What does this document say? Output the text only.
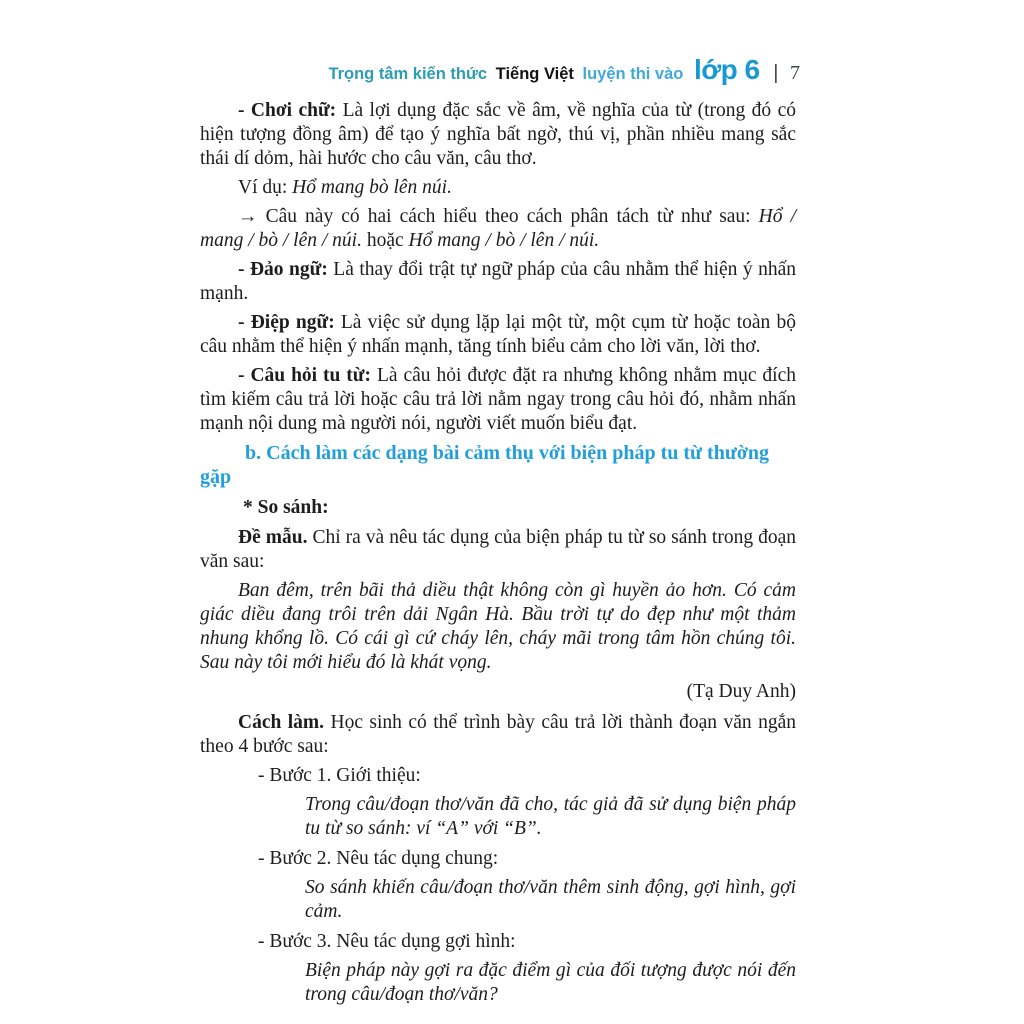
Trọng tâm kiến thức Tiếng Việt luyện thi vào lớp 6 | 7

- Chơi chữ: Là lợi dụng đặc sắc về âm, về nghĩa của từ (trong đó có hiện tượng đồng âm) để tạo ý nghĩa bất ngờ, thú vị, phần nhiều mang sắc thái dí dỏm, hài hước cho câu văn, câu thơ.

Ví dụ: Hổ mang bò lên núi.

→ Câu này có hai cách hiểu theo cách phân tách từ như sau: Hổ / mang / bò / lên / núi. hoặc Hổ mang / bò / lên / núi.

- Đảo ngữ: Là thay đổi trật tự ngữ pháp của câu nhằm thể hiện ý nhấn mạnh.

- Điệp ngữ: Là việc sử dụng lặp lại một từ, một cụm từ hoặc toàn bộ câu nhằm thể hiện ý nhấn mạnh, tăng tính biểu cảm cho lời văn, lời thơ.

- Câu hỏi tu từ: Là câu hỏi được đặt ra nhưng không nhằm mục đích tìm kiếm câu trả lời hoặc câu trả lời nằm ngay trong câu hỏi đó, nhằm nhấn mạnh nội dung mà người nói, người viết muốn biểu đạt.

b. Cách làm các dạng bài cảm thụ với biện pháp tu từ thường gặp

* So sánh:

Đề mẫu. Chỉ ra và nêu tác dụng của biện pháp tu từ so sánh trong đoạn văn sau:

Ban đêm, trên bãi thả diều thật không còn gì huyền ảo hơn. Có cảm giác diều đang trôi trên dải Ngân Hà. Bầu trời tự do đẹp như một thảm nhung khổng lồ. Có cái gì cứ cháy lên, cháy mãi trong tâm hồn chúng tôi. Sau này tôi mới hiểu đó là khát vọng.

(Tạ Duy Anh)

Cách làm. Học sinh có thể trình bày câu trả lời thành đoạn văn ngắn theo 4 bước sau:

- Bước 1. Giới thiệu:

Trong câu/đoạn thơ/văn đã cho, tác giả đã sử dụng biện pháp tu từ so sánh: ví “A” với “B”.

- Bước 2. Nêu tác dụng chung:

So sánh khiến câu/đoạn thơ/văn thêm sinh động, gợi hình, gợi cảm.

- Bước 3. Nêu tác dụng gợi hình:

Biện pháp này gợi ra đặc điểm gì của đối tượng được nói đến trong câu/đoạn thơ/văn?
